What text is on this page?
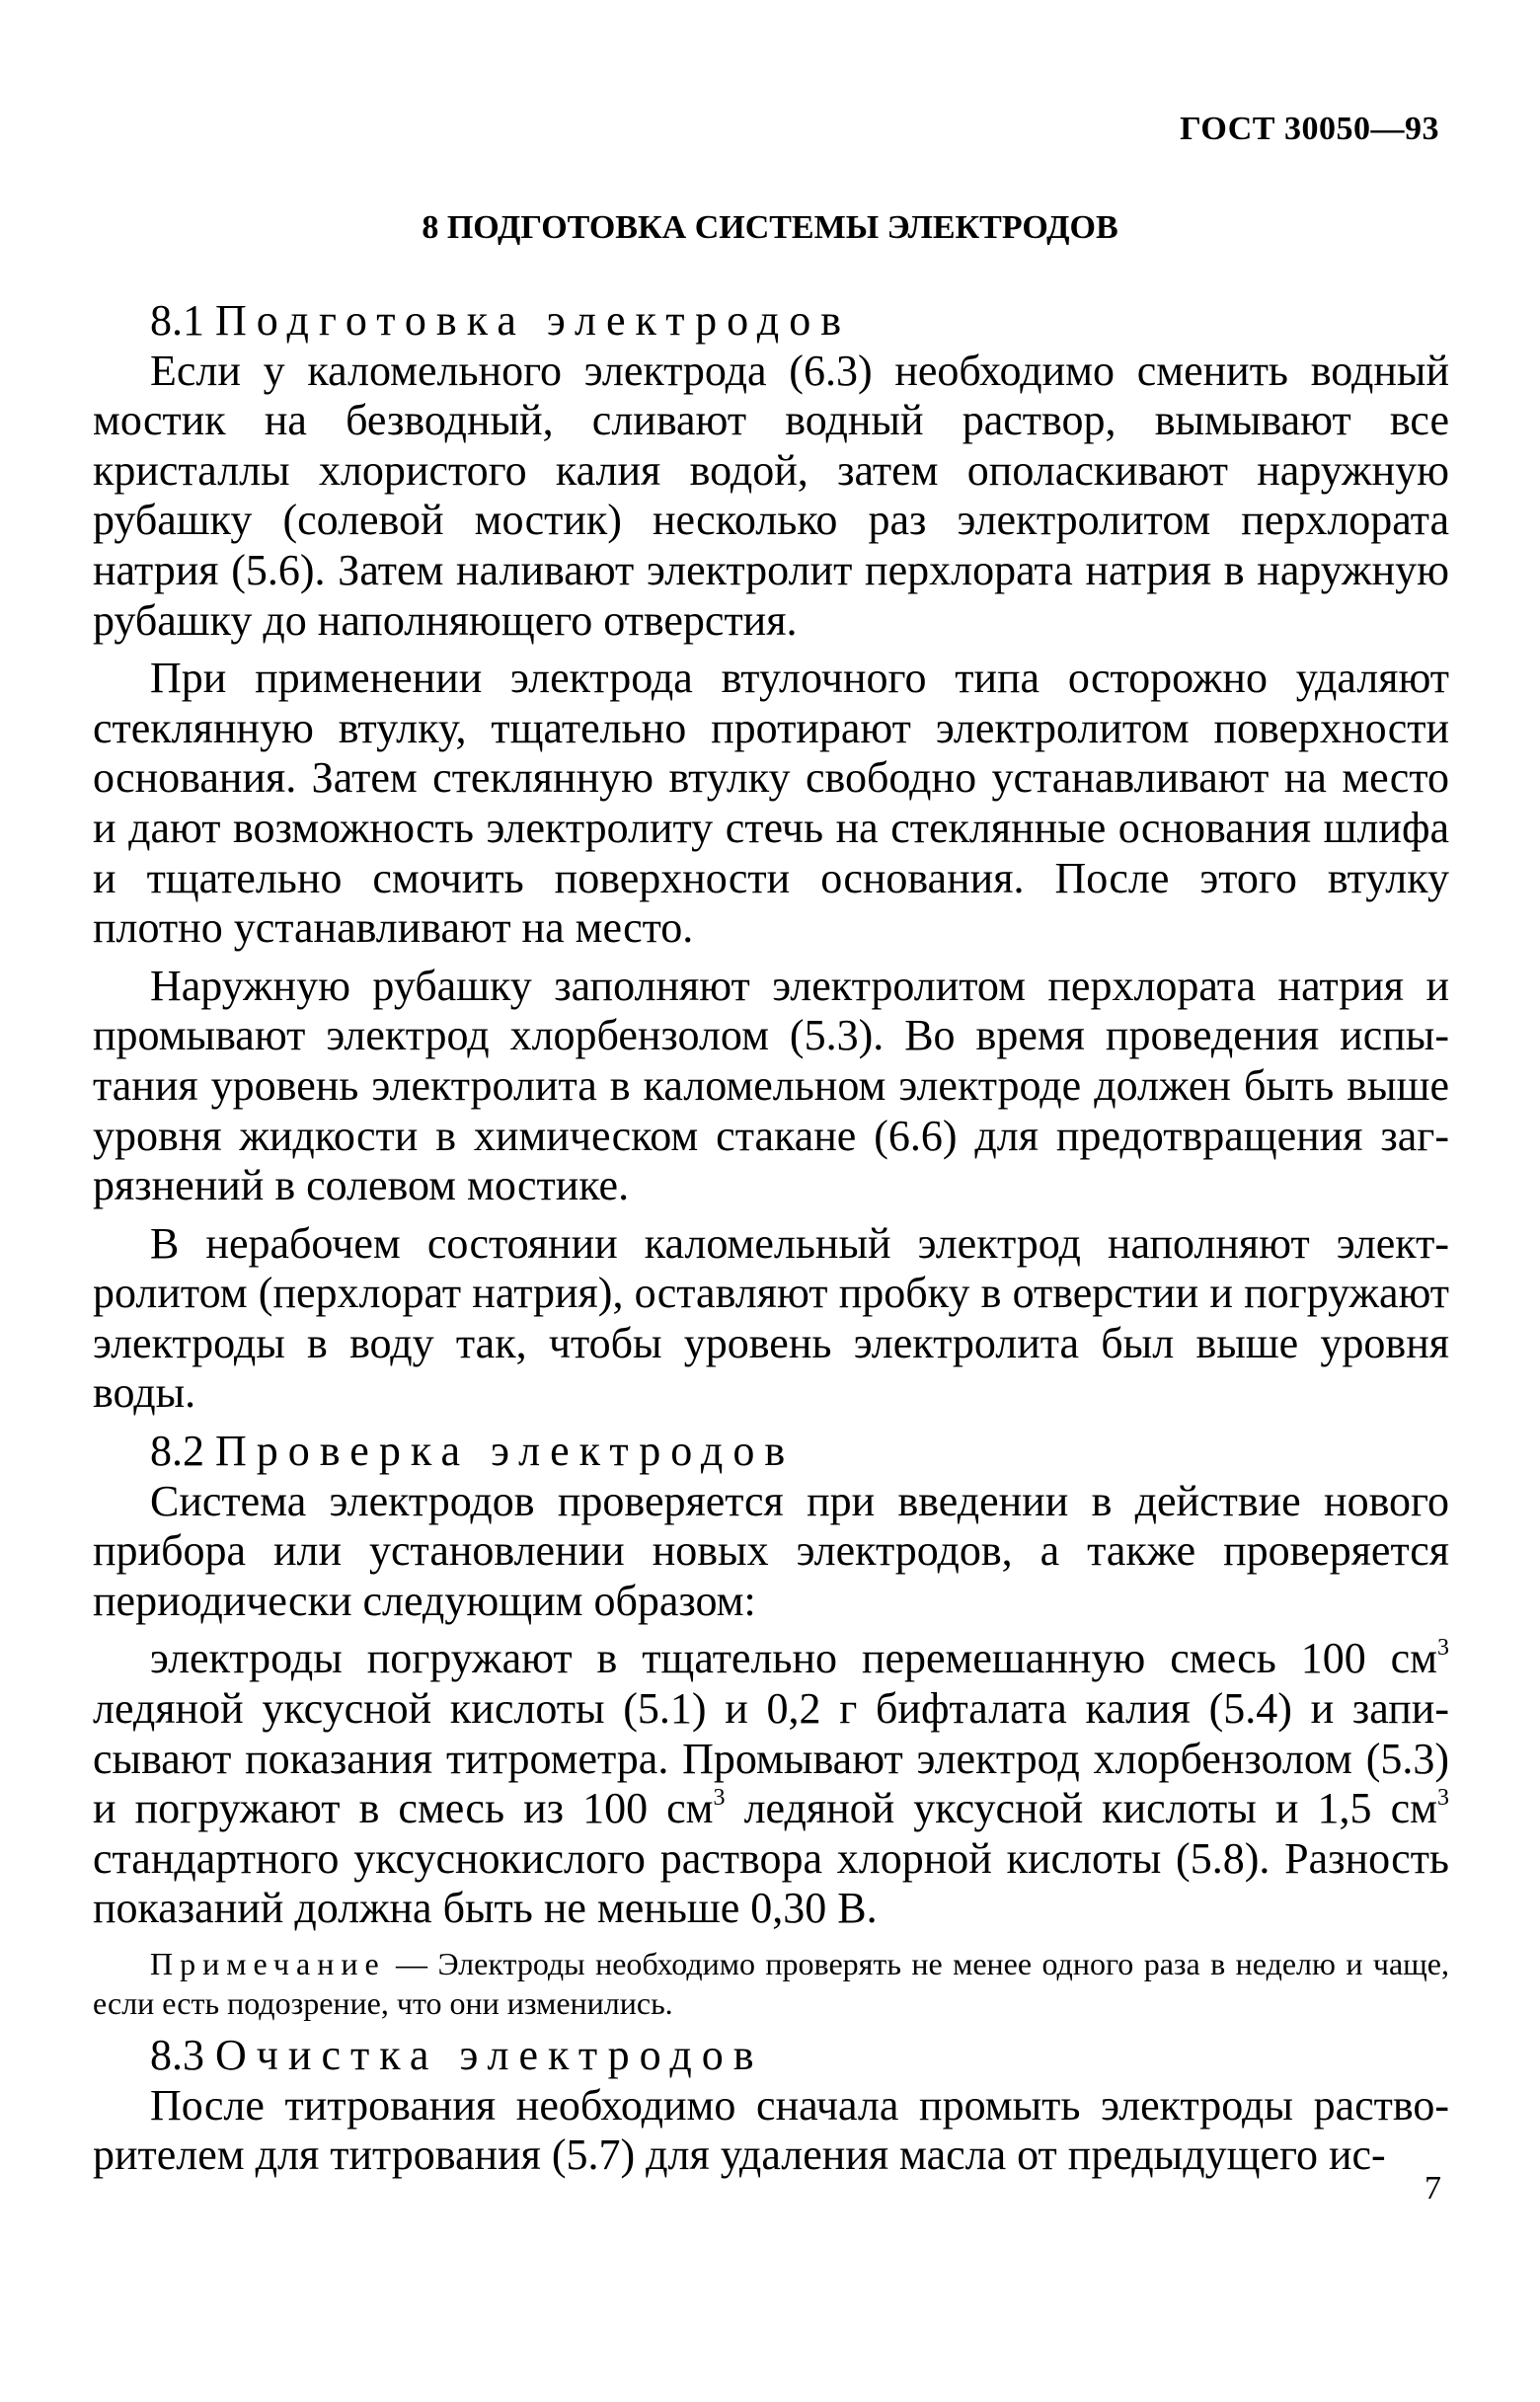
ГОСТ 30050—93
8 ПОДГОТОВКА СИСТЕМЫ ЭЛЕКТРОДОВ

8.1 Подготовка электродов

Если у каломельного электрода (6.3) необходимо сменить водный мостик на безводный, сливают водный раствор, вымывают все кристаллы хлористого калия водой, затем ополаскивают наружную рубашку (солевой мостик) несколько раз электролитом перхлората натрия (5.6). Затем наливают электролит перхлората натрия в наружную рубашку до наполняющего отверстия.

При применении электрода втулочного типа осторожно удаляют стеклянную втулку, тщательно протирают электролитом поверхности основания. Затем стеклянную втулку свободно устанавливают на место и дают возможность электролиту стечь на стеклянные основания шлифа и тщательно смочить поверхности основания. После этого втулку плотно устанавливают на место.

Наружную рубашку заполняют электролитом перхлората натрия и промывают электрод хлорбензолом (5.3). Во время проведения испытания уровень электролита в каломельном электроде должен быть выше уровня жидкости в химическом стакане (6.6) для предотвращения загрязнений в солевом мостике.

В нерабочем состоянии каломельный электрод наполняют электролитом (перхлорат натрия), оставляют пробку в отверстии и погружают электроды в воду так, чтобы уровень электролита был выше уровня воды.

8.2 Проверка электродов

Система электродов проверяется при введении в действие нового прибора или установлении новых электродов, а также проверяется периодически следующим образом:

электроды погружают в тщательно перемешанную смесь 100 $см^3$ ледяной уксусной кислоты (5.1) и 0,2 г бифталата калия (5.4) и записывают показания титрометра. Промывают электрод хлорбензолом (5.3) и погружают в смесь из 100 $см^3$ ледяной уксусной кислоты и 1,5 $см^3$ стандартного уксуснокислого раствора хлорной кислоты (5.8). Разность показаний должна быть не меньше 0,30 В.

Примечание — Электроды необходимо проверять не менее одного раза в неделю и чаще, если есть подозрение, что они изменились.

8.3 Очистка электродов

После титрования необходимо сначала промыть электроды растворителем для титрования (5.7) для удаления масла от предыдущего ис-

7
